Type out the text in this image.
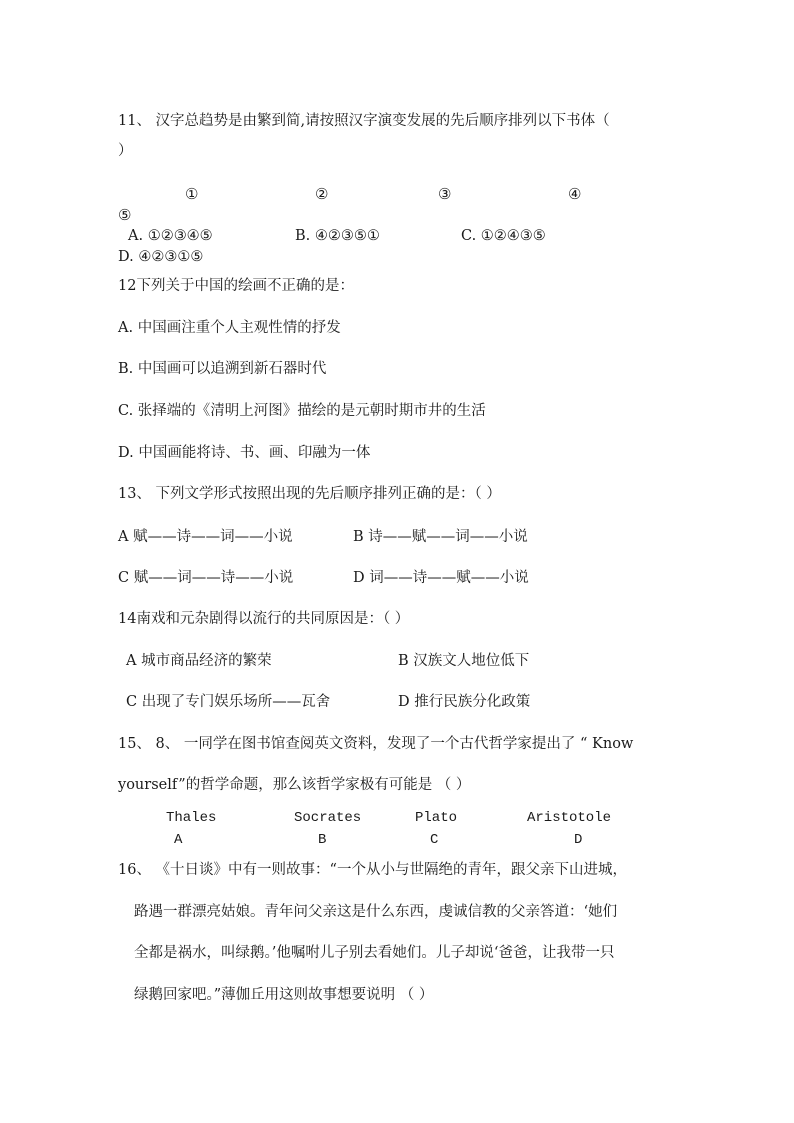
11、 汉字总趋势是由繁到简,请按照汉字演变发展的先后顺序排列以下书体（
）
①	②	③	④
⑤
A. ①②③④⑤	B. ④②③⑤①	C. ①②④③⑤
D. ④②③①⑤
12下列关于中国的绘画不正确的是：
A. 中国画注重个人主观性情的抒发
B. 中国画可以追溯到新石器时代
C. 张择端的《清明上河图》描绘的是元朝时期市井的生活
D. 中国画能将诗、书、画、印融为一体
13、 下列文学形式按照出现的先后顺序排列正确的是：（ ）
A 赋——诗——词——小说	B 诗——赋——词——小说
C 赋——词——诗——小说	D 词——诗——赋——小说
14南戏和元杂剧得以流行的共同原因是：（ ）
A 城市商品经济的繁荣	B 汉族文人地位低下
C 出现了专门娱乐场所——瓦舍	D 推行民族分化政策
15、 8、 一同学在图书馆查阅英文资料，发现了一个古代哲学家提出了 “ Know
yourself”的哲学命题，那么该哲学家极有可能是 （ ）
Thales	Socrates	Plato	Aristotole
A	B	C	D
16、 《十日谈》中有一则故事：“一个从小与世隔绝的青年，跟父亲下山进城，
路遇一群漂亮姑娘。青年问父亲这是什么东西，虔诚信教的父亲答道：‘她们
全都是祸水，叫绿鹅。’他嘱咐儿子别去看她们。儿子却说‘爸爸，让我带一只
绿鹅回家吧。”薄伽丘用这则故事想要说明 （ ）
